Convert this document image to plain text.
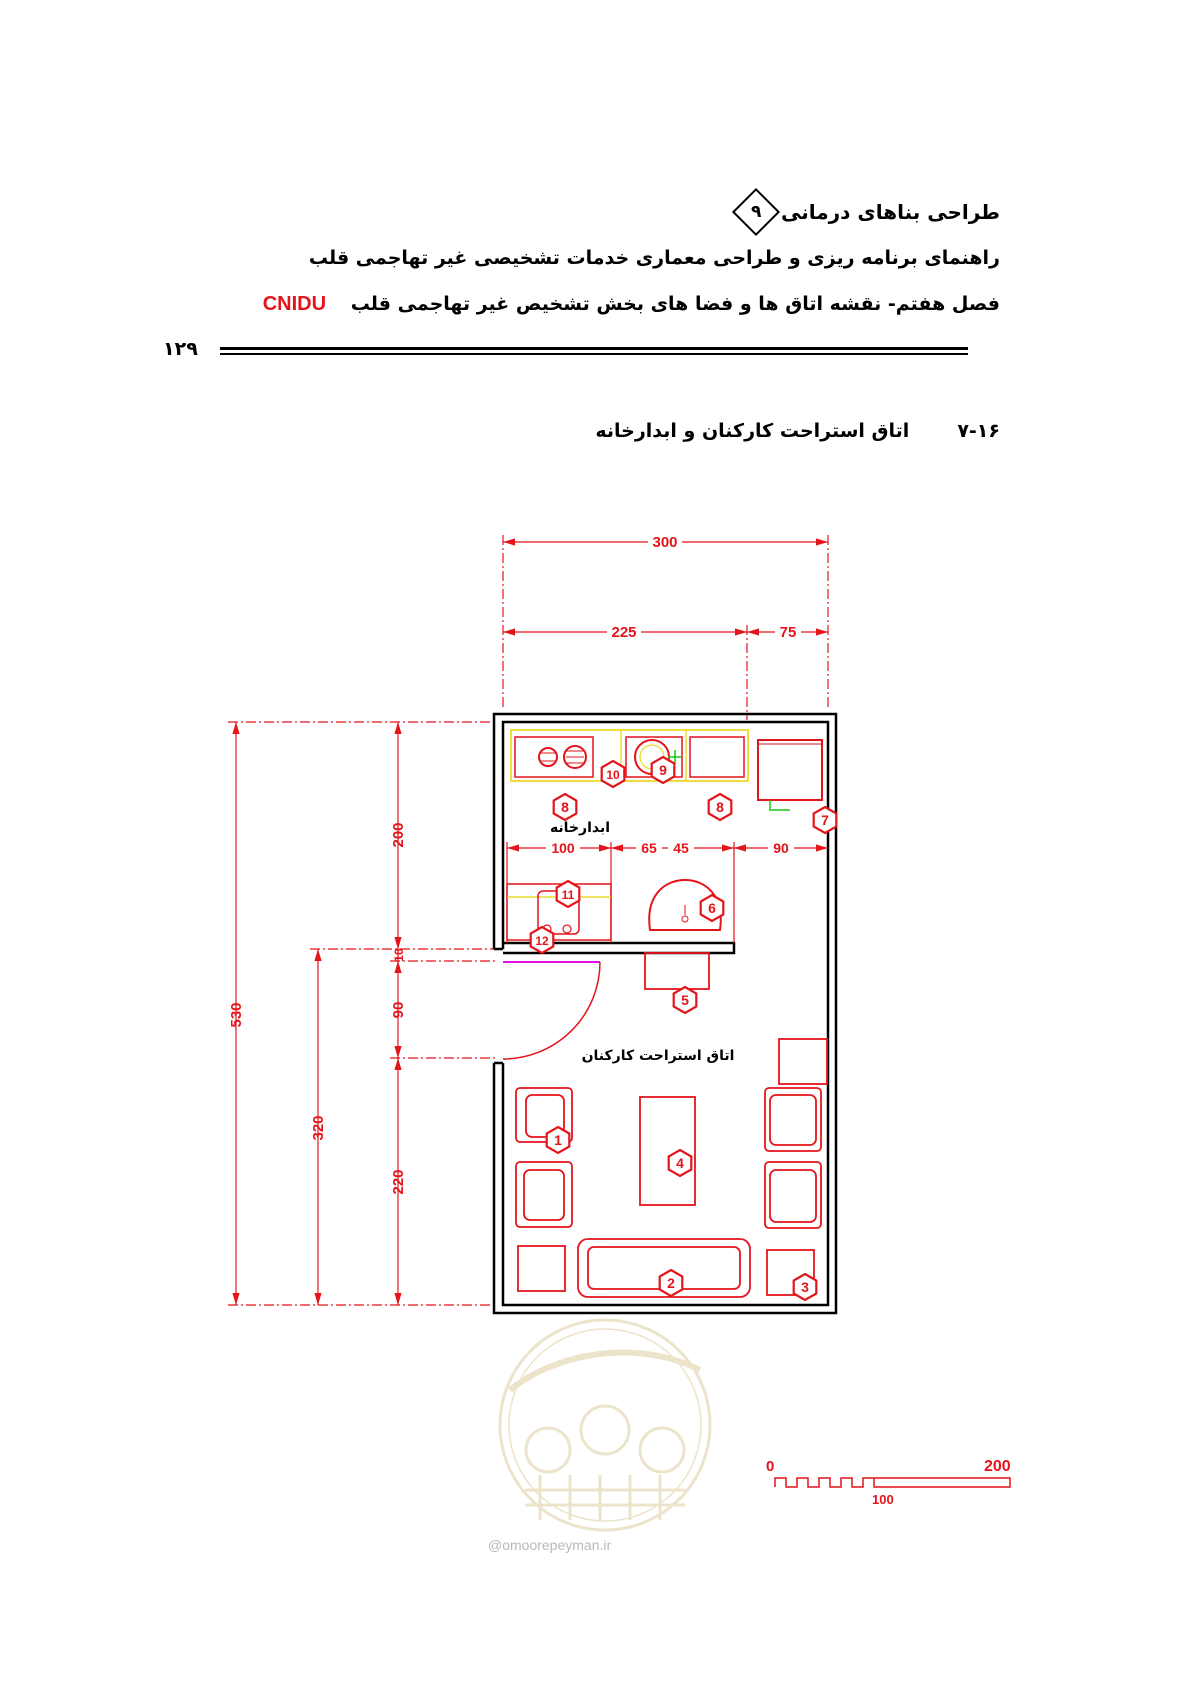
طراحی بناهای درمانی
۹
راهنمای برنامه ریزی و طراحی معماری خدمات تشخیصی غیر تهاجمی قلب
فصل هفتم- نقشه اتاق ها و فضا های بخش تشخیص غیر تهاجمی قلب CNIDU
۱۲۹
۷-۱۶
اتاق استراحت کارکنان و ابدارخانه
300
225	75
530
320
200
10
90
220
ابدارخانه
100	65 45	90
اتاق استراحت کارکنان
1
2	3
4
5
6
7
8	8
9
10
11
12
0
100
200
@omoorepeyman.ir
